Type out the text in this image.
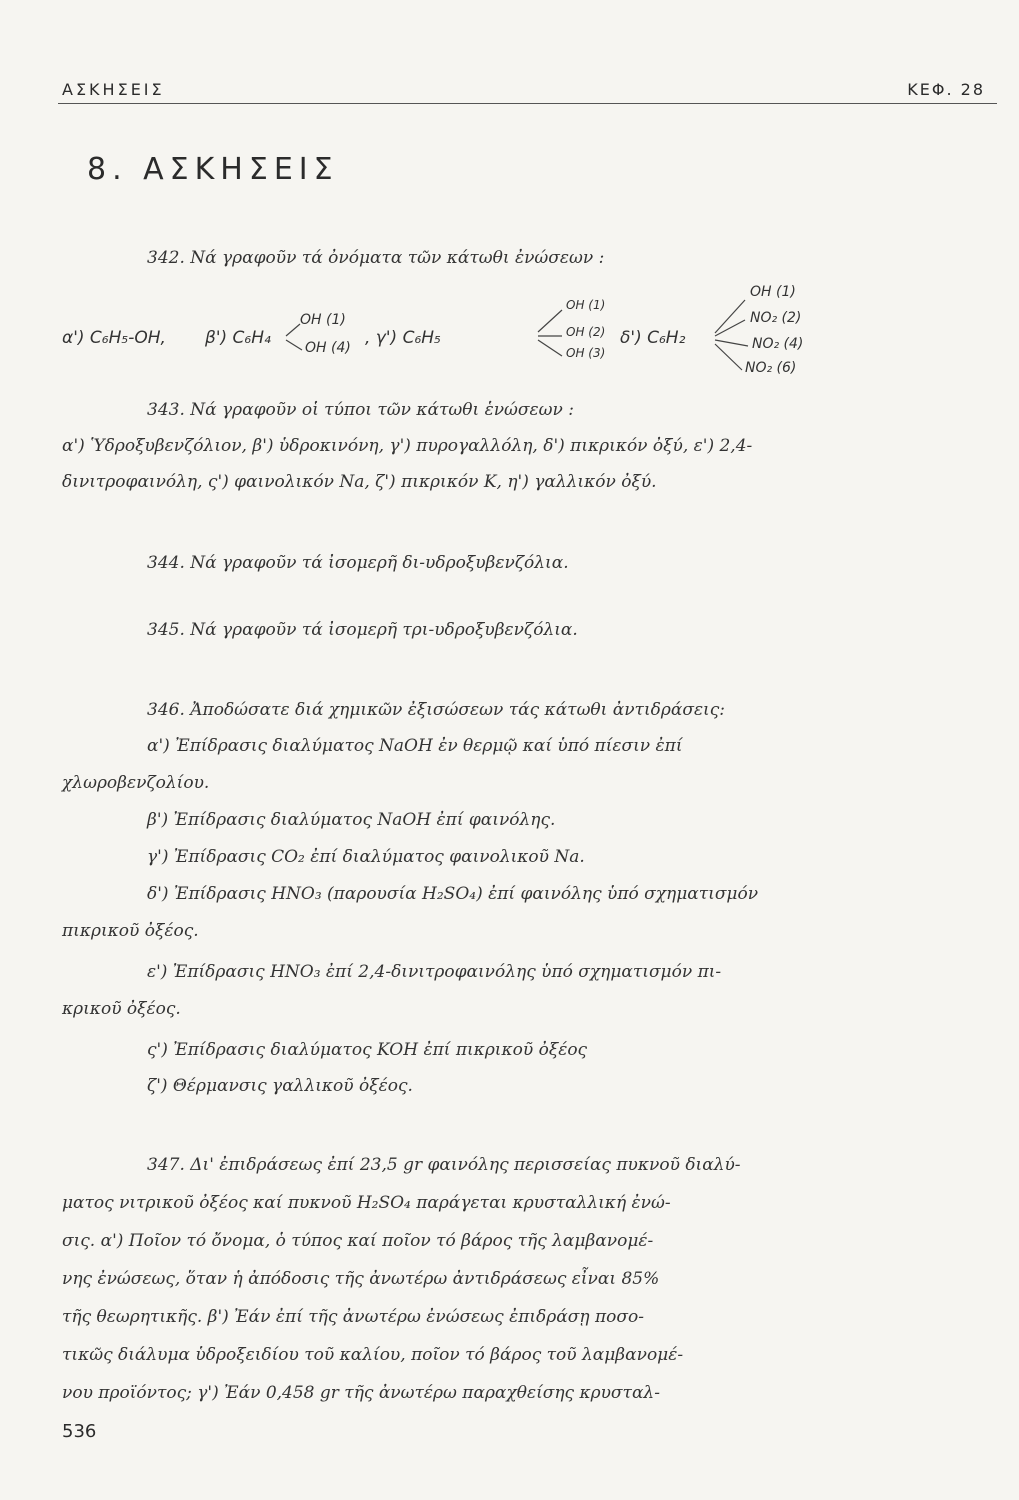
ΑΣΚΗΣΕΙΣ	ΚΕΦ. 28
8. ΑΣΚΗΣΕΙΣ
342. Νά γραφοῦν τά ὀνόματα τῶν κάτωθι ἐνώσεων :
α') C₆H₅-OH, β') C₆H₄
OH (1)
OH (4) , γ') C₆H₅
OH (1)
OH (2)
OH (3)
δ') C₆H₂
OH (1)
NO₂ (2)
NO₂ (4)
NO₂ (6)
343. Νά γραφοῦν οἱ τύποι τῶν κάτωθι ἑνώσεων :
α') Ὑδροξυβενζόλιον, β') ὑδροκινόνη, γ') πυρογαλλόλη, δ') πικρικόν ὀξύ, ε') 2,4-
δινιτροφαινόλη, ς') φαινολικόν Na, ζ') πικρικόν K, η') γαλλικόν ὀξύ.
344. Νά γραφοῦν τά ἰσομερῆ δι-υδροξυβενζόλια.
345. Νά γραφοῦν τά ἰσομερῆ τρι-υδροξυβενζόλια.
346. Ἀποδώσατε διά χημικῶν ἐξισώσεων τάς κάτωθι ἀντιδράσεις:
α') Ἐπίδρασις διαλύματος NaOH ἐν θερμῷ καί ὑπό πίεσιν ἐπί
χλωροβενζολίου.
β') Ἐπίδρασις διαλύματος NaOH ἐπί φαινόλης.
γ') Ἐπίδρασις CO₂ ἐπί διαλύματος φαινολικοῦ Na.
δ') Ἐπίδρασις HNO₃ (παρουσία H₂SO₄) ἐπί φαινόλης ὑπό σχηματισμόν
πικρικοῦ ὀξέος.
ε') Ἐπίδρασις HNO₃ ἐπί 2,4-δινιτροφαινόλης ὑπό σχηματισμόν πι-
κρικοῦ ὀξέος.
ς') Ἐπίδρασις διαλύματος KOH ἐπί πικρικοῦ ὀξέος
ζ') Θέρμανσις γαλλικοῦ ὀξέος.
347. Δι' ἐπιδράσεως ἐπί 23,5 gr φαινόλης περισσείας πυκνοῦ διαλύ-
ματος νιτρικοῦ ὀξέος καί πυκνοῦ H₂SO₄ παράγεται κρυσταλλική ἐνώ-
σις. α') Ποῖον τό ὄνομα, ὁ τύπος καί ποῖον τό βάρος τῆς λαμβανομέ-
νης ἐνώσεως, ὅταν ἡ ἀπόδοσις τῆς ἀνωτέρω ἀντιδράσεως εἶναι 85%
τῆς θεωρητικῆς. β') Ἐάν ἐπί τῆς ἀνωτέρω ἐνώσεως ἐπιδράσῃ ποσο-
τικῶς διάλυμα ὑδροξειδίου τοῦ καλίου, ποῖον τό βάρος τοῦ λαμβανομέ-
νου προϊόντος; γ') Ἐάν 0,458 gr τῆς ἀνωτέρω παραχθείσης κρυσταλ-
536
